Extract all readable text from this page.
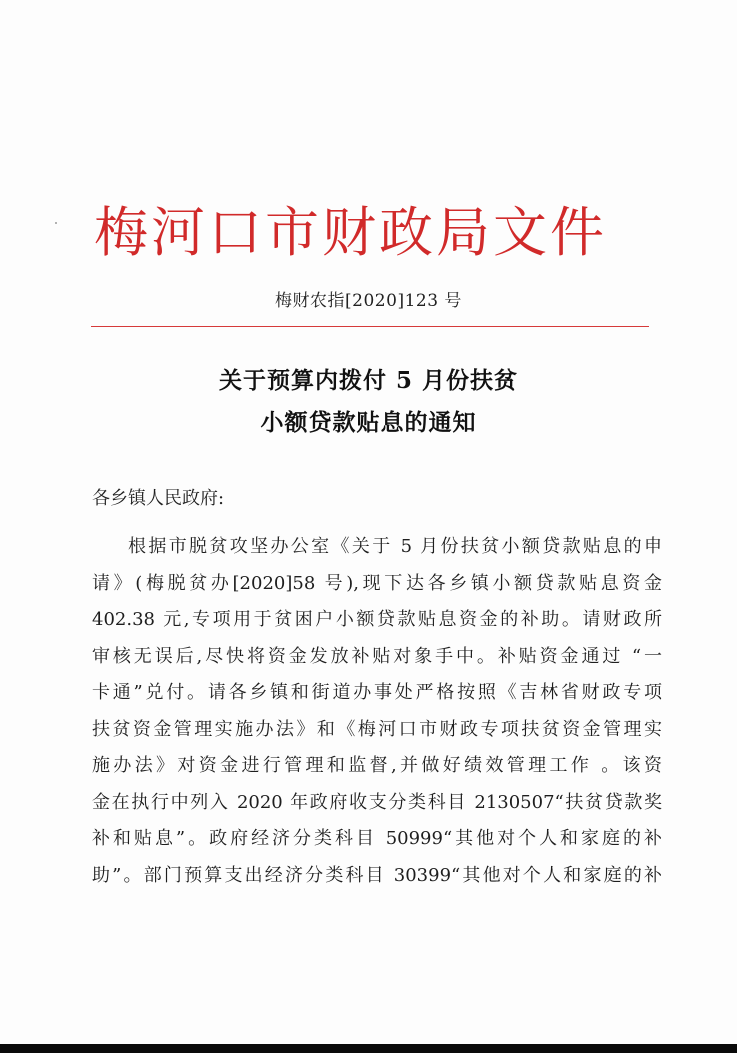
梅河口市财政局文件
梅财农指[2020]123 号
关于预算内拨付 5 月份扶贫
小额贷款贴息的通知
各乡镇人民政府:
根据市脱贫攻坚办公室《关于 5 月份扶贫小额贷款贴息的申
请》(梅脱贫办[2020]58 号),现下达各乡镇小额贷款贴息资金
402.38 元,专项用于贫困户小额贷款贴息资金的补助。请财政所
审核无误后,尽快将资金发放补贴对象手中。补贴资金通过 “一
卡通”兑付。请各乡镇和街道办事处严格按照《吉林省财政专项
扶贫资金管理实施办法》和《梅河口市财政专项扶贫资金管理实
施办法》对资金进行管理和监督,并做好绩效管理工作 。该资
金在执行中列入 2020 年政府收支分类科目 2130507“扶贫贷款奖
补和贴息”。政府经济分类科目 50999“其他对个人和家庭的补
助”。部门预算支出经济分类科目 30399“其他对个人和家庭的补
